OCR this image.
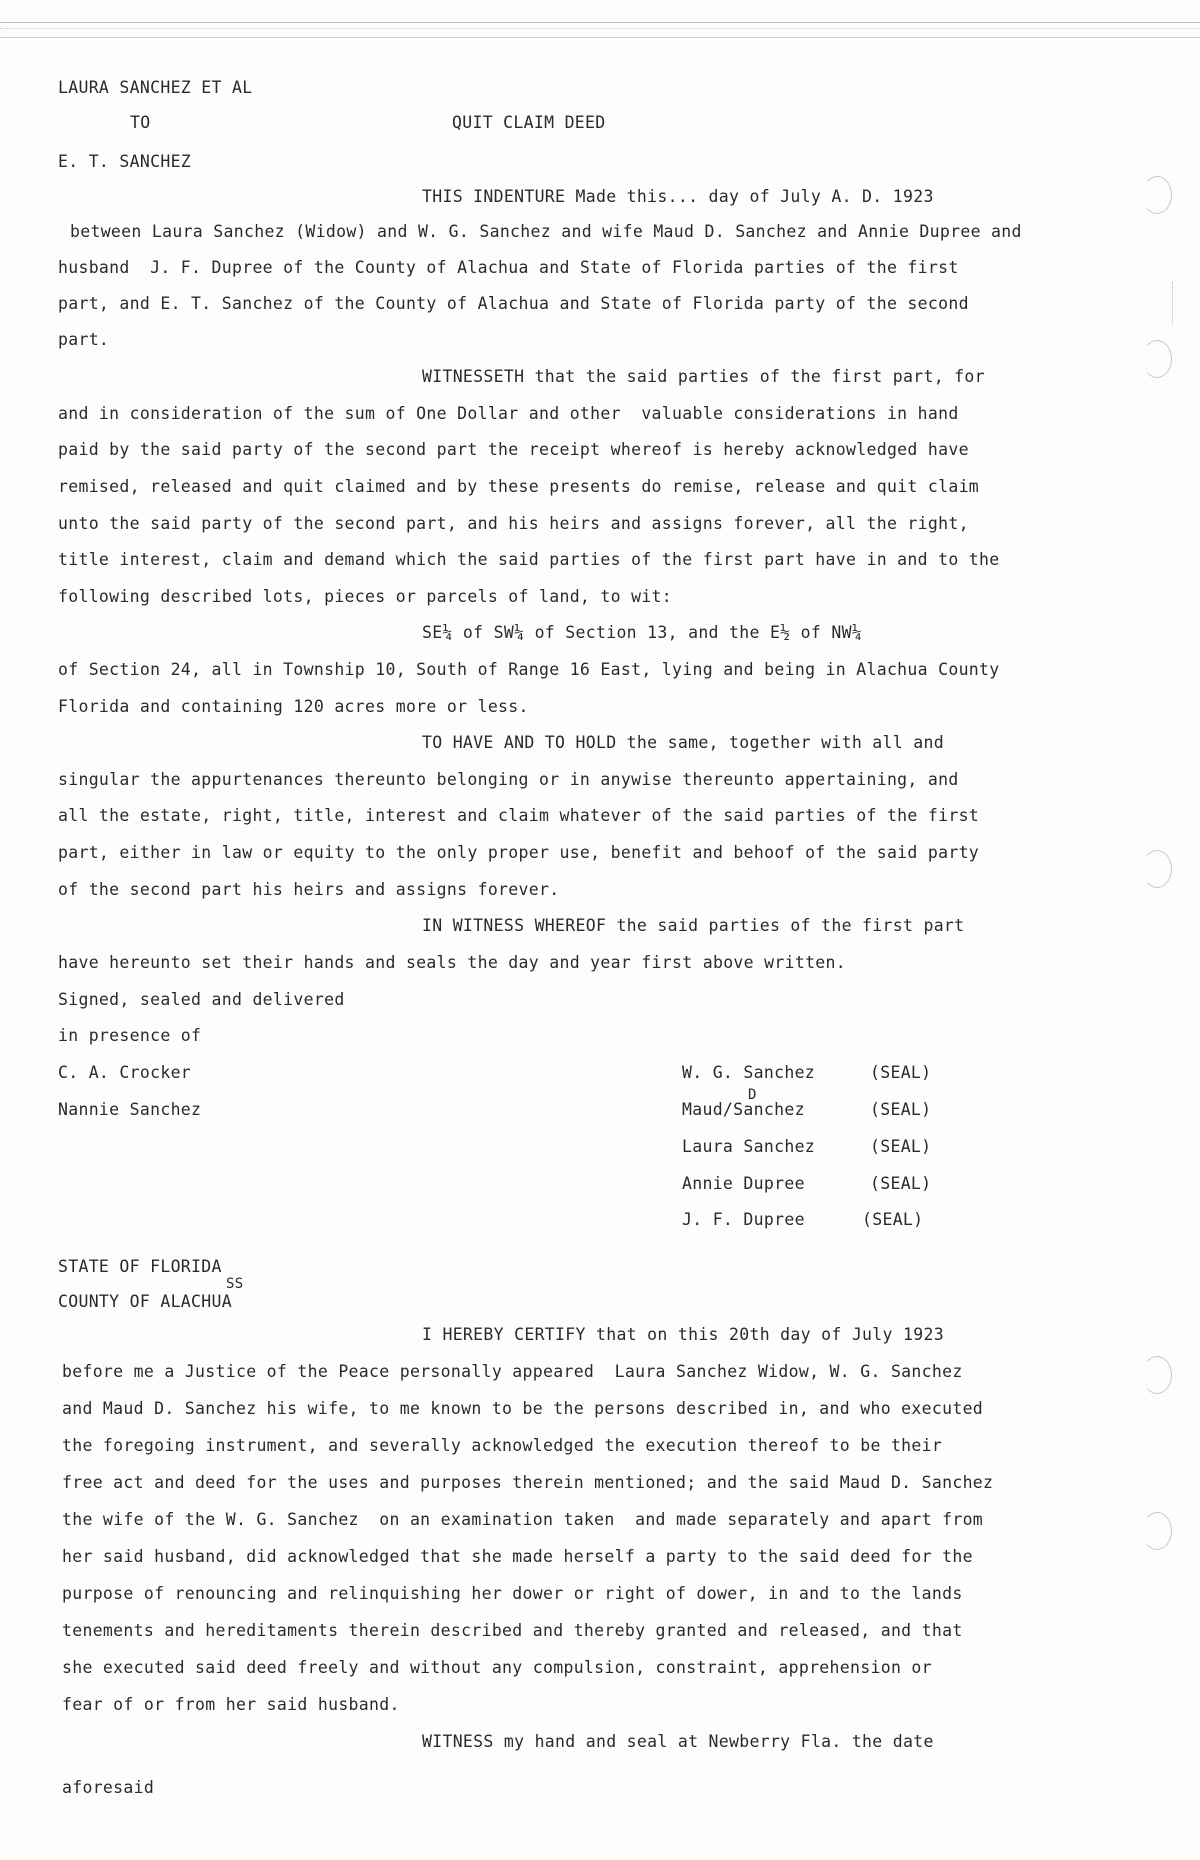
LAURA SANCHEZ ET AL
TO	QUIT CLAIM DEED
E. T. SANCHEZ
THIS INDENTURE Made this... day of July A. D. 1923
between Laura Sanchez (Widow) and W. G. Sanchez and wife Maud D. Sanchez and Annie Dupree and
husband  J. F. Dupree of the County of Alachua and State of Florida parties of the first
part, and E. T. Sanchez of the County of Alachua and State of Florida party of the second
part.
WITNESSETH that the said parties of the first part, for
and in consideration of the sum of One Dollar and other  valuable considerations in hand
paid by the said party of the second part the receipt whereof is hereby acknowledged have
remised, released and quit claimed and by these presents do remise, release and quit claim
unto the said party of the second part, and his heirs and assigns forever, all the right,
title interest, claim and demand which the said parties of the first part have in and to the
following described lots, pieces or parcels of land, to wit:
SE¼ of SW¼ of Section 13, and the E½ of NW¼
of Section 24, all in Township 10, South of Range 16 East, lying and being in Alachua County
Florida and containing 120 acres more or less.
TO HAVE AND TO HOLD the same, together with all and
singular the appurtenances thereunto belonging or in anywise thereunto appertaining, and
all the estate, right, title, interest and claim whatever of the said parties of the first
part, either in law or equity to the only proper use, benefit and behoof of the said party
of the second part his heirs and assigns forever.
IN WITNESS WHEREOF the said parties of the first part
have hereunto set their hands and seals the day and year first above written.
Signed, sealed and delivered
in presence of
C. A. Crocker
Nannie Sanchez
W. G. Sanchez	(SEAL)
D
Maud/Sanchez	(SEAL)
Laura Sanchez	(SEAL)
Annie Dupree	(SEAL)
J. F. Dupree	(SEAL)
STATE OF FLORIDA
SS
COUNTY OF ALACHUA
I HEREBY CERTIFY that on this 20th day of July 1923
before me a Justice of the Peace personally appeared  Laura Sanchez Widow, W. G. Sanchez
and Maud D. Sanchez his wife, to me known to be the persons described in, and who executed
the foregoing instrument, and severally acknowledged the execution thereof to be their
free act and deed for the uses and purposes therein mentioned; and the said Maud D. Sanchez
the wife of the W. G. Sanchez  on an examination taken  and made separately and apart from
her said husband, did acknowledged that she made herself a party to the said deed for the
purpose of renouncing and relinquishing her dower or right of dower, in and to the lands
tenements and hereditaments therein described and thereby granted and released, and that
she executed said deed freely and without any compulsion, constraint, apprehension or
fear of or from her said husband.
WITNESS my hand and seal at Newberry Fla. the date
aforesaid
